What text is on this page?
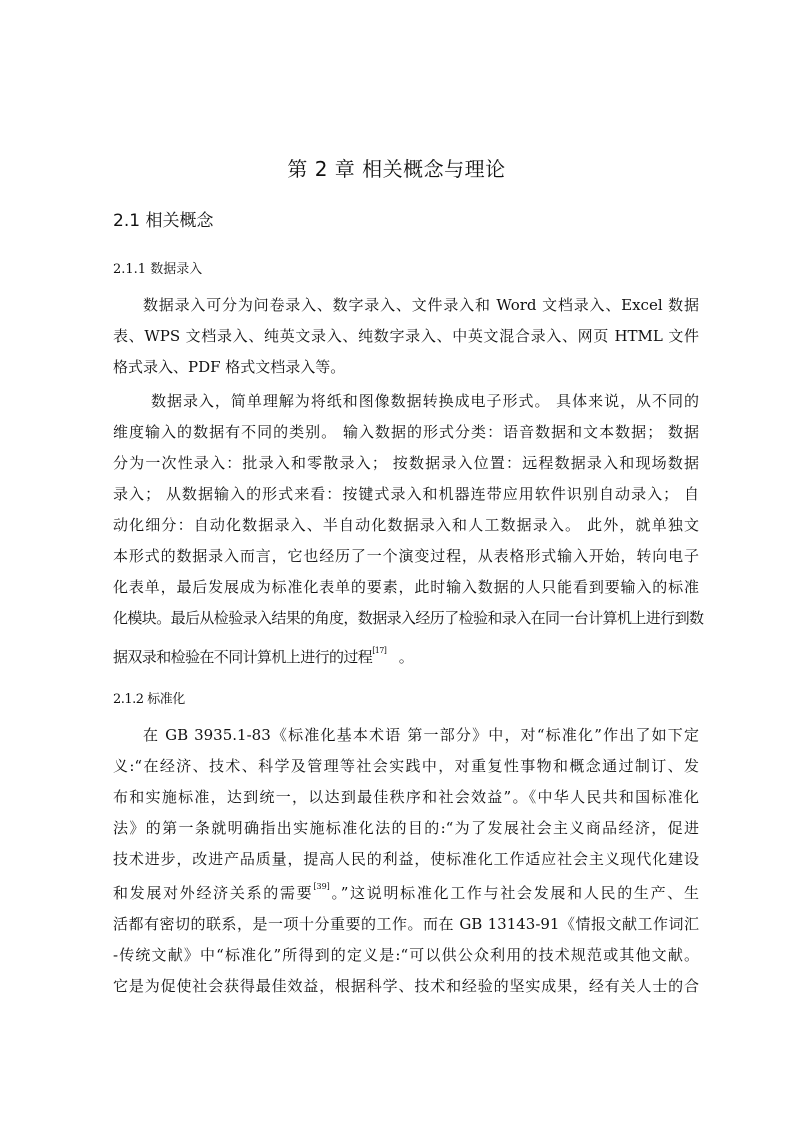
第 2 章 相关概念与理论
2.1 相关概念
2.1.1 数据录入
数据录入可分为问卷录入、数字录入、文件录入和 Word 文档录入、Excel 数据
表、WPS 文档录入、纯英文录入、纯数字录入、中英文混合录入、网页 HTML 文件
格式录入、PDF 格式文档录入等。
数据录入，简单理解为将纸和图像数据转换成电子形式。 具体来说，从不同的
维度输入的数据有不同的类别。 输入数据的形式分类：语音数据和文本数据； 数据
分为一次性录入：批录入和零散录入； 按数据录入位置：远程数据录入和现场数据
录入； 从数据输入的形式来看：按键式录入和机器连带应用软件识别自动录入； 自
动化细分：自动化数据录入、半自动化数据录入和人工数据录入。 此外，就单独文
本形式的数据录入而言，它也经历了一个演变过程，从表格形式输入开始，转向电子
化表单，最后发展成为标准化表单的要素，此时输入数据的人只能看到要输入的标准
化模块。最后从检验录入结果的角度，数据录入经历了检验和录入在同一台计算机上进行到数
据双录和检验在不同计算机上进行的过程[17] 。
2.1.2 标准化
在 GB 3935.1-83《标准化基本术语 第一部分》中，对“标准化”作出了如下定
义:“在经济、技术、科学及管理等社会实践中，对重复性事物和概念通过制订、发
布和实施标准，达到统一，以达到最佳秩序和社会效益”。《中华人民共和国标准化
法》的第一条就明确指出实施标准化法的目的:“为了发展社会主义商品经济，促进
技术进步，改进产品质量，提高人民的利益，使标准化工作适应社会主义现代化建设
和发展对外经济关系的需要[39]。”这说明标准化工作与社会发展和人民的生产、生
活都有密切的联系，是一项十分重要的工作。而在 GB 13143-91《情报文献工作词汇
-传统文献》中“标准化”所得到的定义是:“可以供公众利用的技术规范或其他文献。
它是为促使社会获得最佳效益，根据科学、技术和经验的坚实成果，经有关人士的合
